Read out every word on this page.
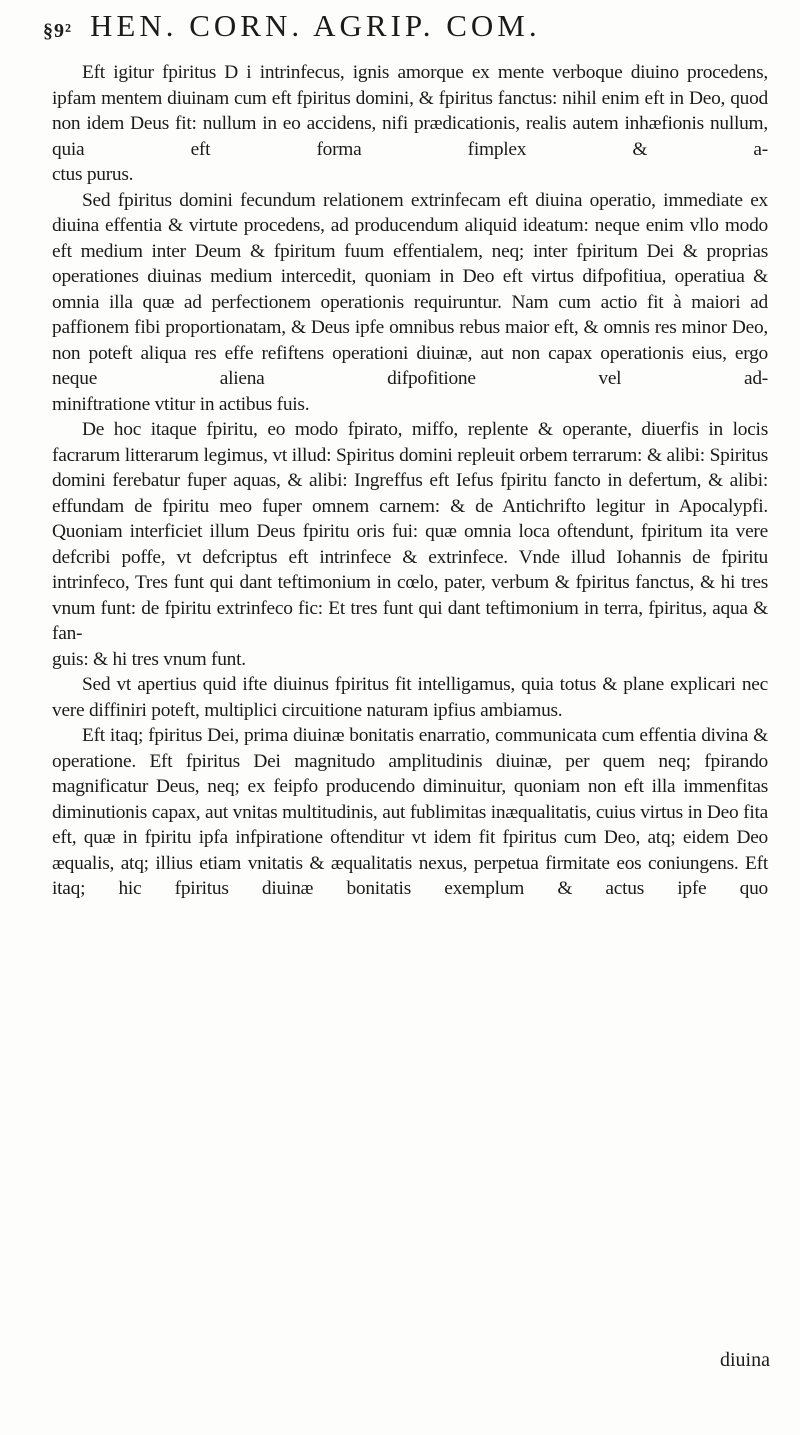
§9² HEN. CORN. AGRIP. COM.

Eft igitur fpiritus D i intrinfecus, ignis amorque ex mente verboque diuino procedens, ipfam mentem diuinam cum eft fpiritus domini, & fpiritus fanctus: nihil enim eft in Deo, quod non idem Deus fit: nullum in eo accidens, nifi prædicationis, realis autem inhæfionis nullum, quia eft forma fimplex & a-

ctus purus.

Sed fpiritus domini fecundum relationem extrinfecam eft diuina operatio, immediate ex diuina effentia & virtute procedens, ad producendum aliquid ideatum: neque enim vllo modo eft medium inter Deum & fpiritum fuum effentialem, neq; inter fpiritum Dei & proprias operationes diuinas medium intercedit, quoniam in Deo eft virtus difpofitiua, operatiua & omnia illa quæ ad perfectionem operationis requiruntur. Nam cum actio fit à maiori ad paffionem fibi proportionatam, & Deus ipfe omnibus rebus maior eft, & omnis res minor Deo, non poteft aliqua res effe refiftens operationi diuinæ, aut non capax operationis eius, ergo neque aliena difpofitione vel ad-

miniftratione vtitur in actibus fuis.

De hoc itaque fpiritu, eo modo fpirato, miffo, replente & operante, diuerfis in locis facrarum litterarum legimus, vt illud: Spiritus domini repleuit orbem terrarum: & alibi: Spiritus domini ferebatur fuper aquas, & alibi: Ingreffus eft Iefus fpiritu fancto in defertum, & alibi: effundam de fpiritu meo fuper omnem carnem: & de Antichrifto legitur in Apocalypfi. Quoniam interficiet illum Deus fpiritu oris fui: quæ omnia loca oftendunt, fpiritum ita vere defcribi poffe, vt defcriptus eft intrinfece & extrinfece. Vnde illud Iohannis de fpiritu intrinfeco, Tres funt qui dant teftimonium in cœlo, pater, verbum & fpiritus fanctus, & hi tres vnum funt: de fpiritu extrinfeco fic: Et tres funt qui dant teftimonium in terra, fpiritus, aqua & fan-

guis: & hi tres vnum funt.

Sed vt apertius quid ifte diuinus fpiritus fit intelligamus, quia totus & plane explicari nec vere diffiniri poteft, multiplici circuitione naturam ipfius ambiamus.

Eft itaq; fpiritus Dei, prima diuinæ bonitatis enarratio, communicata cum effentia divina & operatione. Eft fpiritus Dei magnitudo amplitudinis diuinæ, per quem neq; fpirando magnificatur Deus, neq; ex feipfo producendo diminuitur, quoniam non eft illa immenfitas diminutionis capax, aut vnitas multitudinis, aut fublimitas inæqualitatis, cuius virtus in Deo fita eft, quæ in fpiritu ipfa infpiratione oftenditur vt idem fit fpiritus cum Deo, atq; eidem Deo æqualis, atq; illius etiam vnitatis & æqualitatis nexus, perpetua firmitate eos coniungens. Eft itaq; hic fpiritus diuinæ bonitatis exemplum & actus ipfe quo

diuina
